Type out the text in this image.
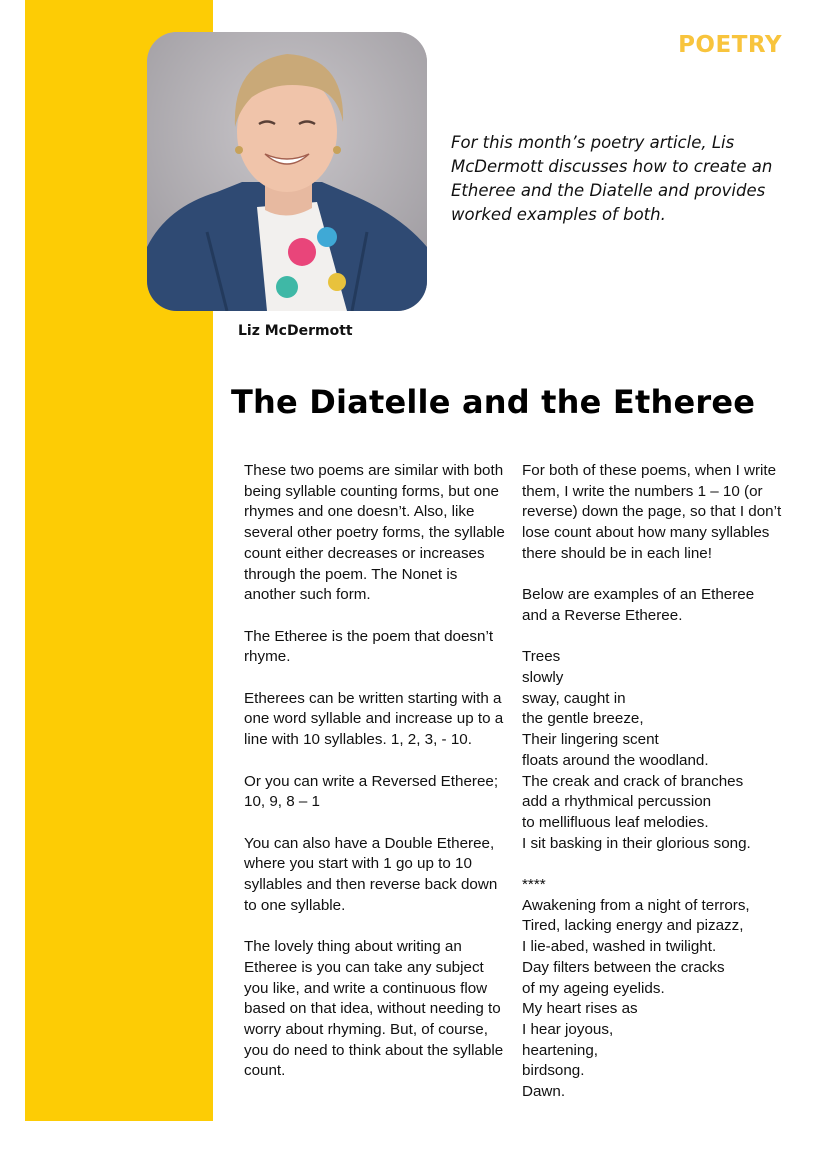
POETRY
Liz McDermott
For this month’s poetry article, Lis McDermott discusses how to create an Etheree and the Diatelle and provides worked examples of both.
The Diatelle and the Etheree

These two poems are similar with both being syllable counting forms, but one rhymes and one doesn’t. Also, like several other poetry forms, the syllable count either decreases or increases through the poem. The Nonet is another such form.

The Etheree is the poem that doesn’t rhyme.

Etherees can be written starting with a one word syllable and increase up to a line with 10 syllables. 1, 2, 3, - 10.

Or you can write a Reversed Etheree; 10, 9, 8 – 1

You can also have a Double Etheree, where you start with 1 go up to 10 syllables and then reverse back down to one syllable.

The lovely thing about writing an Etheree is you can take any subject you like, and write a continuous flow based on that idea, without needing to worry about rhyming. But, of course, you do need to think about the syllable count.

For both of these poems, when I write them, I write the numbers 1 – 10 (or reverse) down the page, so that I don’t lose count about how many syllables there should be in each line!

Below are examples of an Etheree and a Reverse Etheree.

Trees
slowly
sway, caught in
the gentle breeze,
Their lingering scent
floats around the woodland.
The creak and crack of branches
add a rhythmical percussion
to mellifluous leaf melodies.
I sit basking in their glorious song.

****

Awakening from a night of terrors,
Tired, lacking energy and pizazz,
I lie-abed, washed in twilight.
Day filters between the cracks
of my ageing eyelids.
My heart rises as
I hear joyous,
heartening,
birdsong.
Dawn.
